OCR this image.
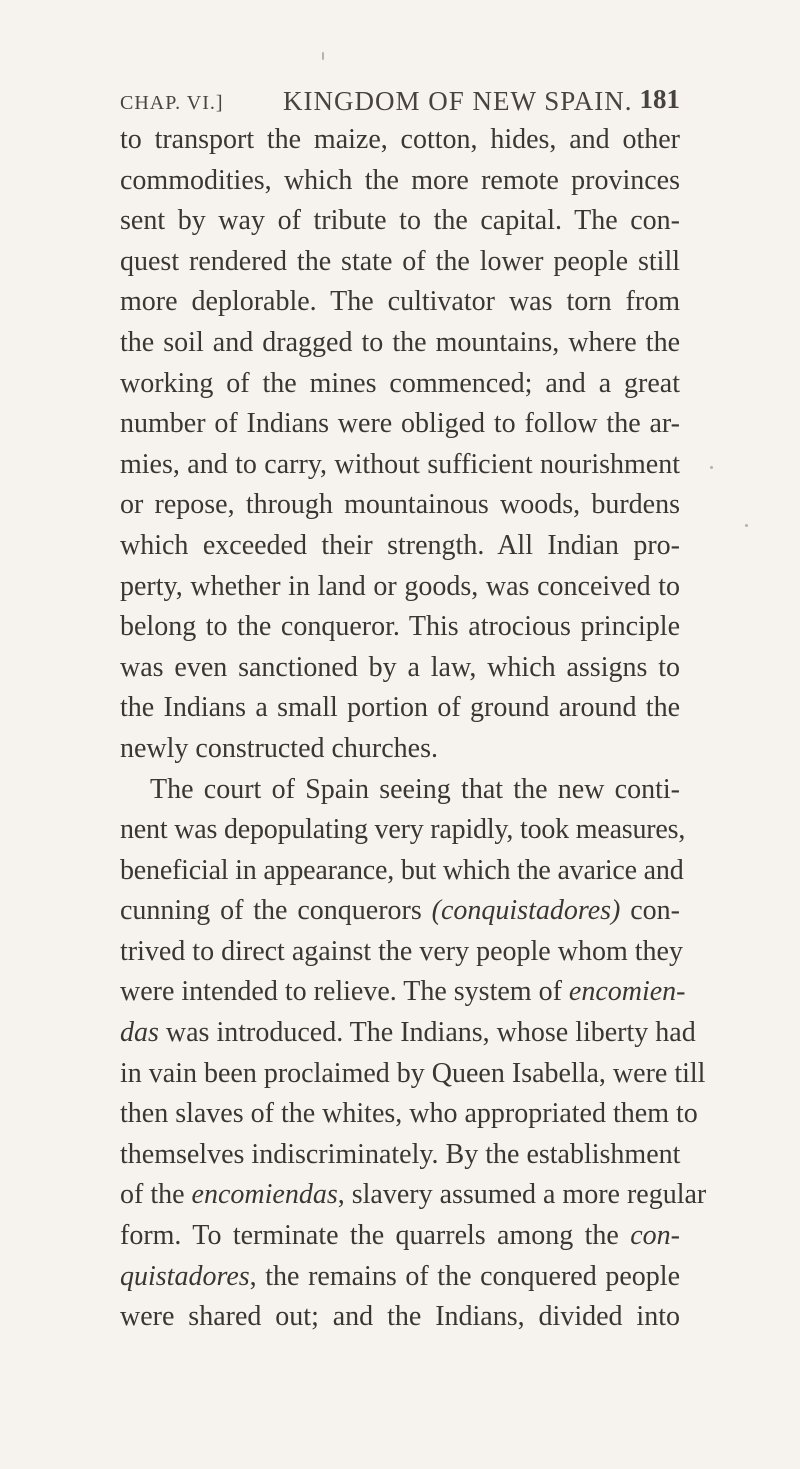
CHAP. VI.] KINGDOM OF NEW SPAIN. 181
to transport the maize, cotton, hides, and other
commodities, which the more remote provinces
sent by way of tribute to the capital. The con-
quest rendered the state of the lower people still
more deplorable. The cultivator was torn from
the soil and dragged to the mountains, where the
working of the mines commenced; and a great
number of Indians were obliged to follow the ar-
mies, and to carry, without sufficient nourishment
or repose, through mountainous woods, burdens
which exceeded their strength. All Indian pro-
perty, whether in land or goods, was conceived to
belong to the conqueror. This atrocious principle
was even sanctioned by a law, which assigns to
the Indians a small portion of ground around the
newly constructed churches.
The court of Spain seeing that the new conti-
nent was depopulating very rapidly, took measures,
beneficial in appearance, but which the avarice and
cunning of the conquerors (conquistadores) con-
trived to direct against the very people whom they
were intended to relieve. The system of encomien-
das was introduced. The Indians, whose liberty had
in vain been proclaimed by Queen Isabella, were till
then slaves of the whites, who appropriated them to
themselves indiscriminately. By the establishment
of the encomiendas, slavery assumed a more regular
form. To terminate the quarrels among the con-
quistadores, the remains of the conquered people
were shared out; and the Indians, divided into
